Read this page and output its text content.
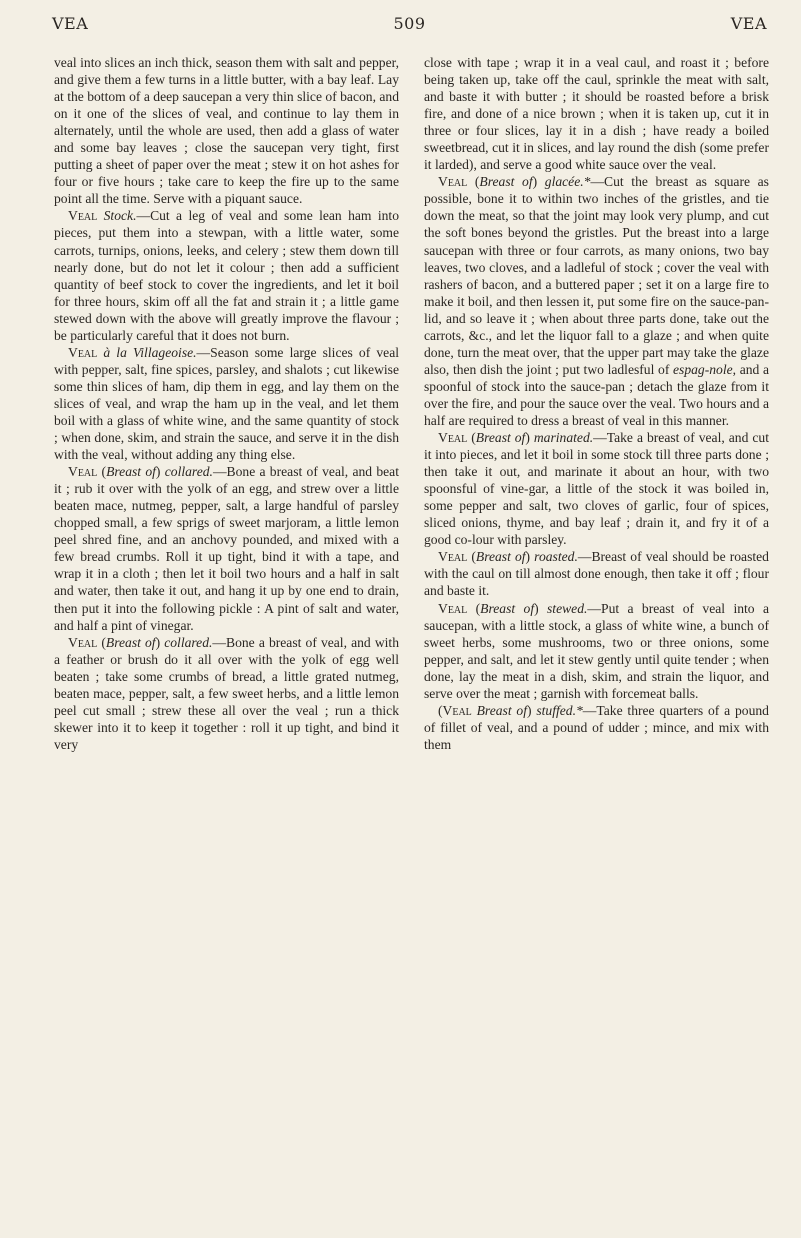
VEA	509	VEA

veal into slices an inch thick, season them with salt and pepper, and give them a few turns in a little butter, with a bay leaf. Lay at the bottom of a deep saucepan a very thin slice of bacon, and on it one of the slices of veal, and continue to lay them in alternately, until the whole are used, then add a glass of water and some bay leaves ; close the saucepan very tight, first putting a sheet of paper over the meat ; stew it on hot ashes for four or five hours ; take care to keep the fire up to the same point all the time. Serve with a piquant sauce.

Veal Stock.—Cut a leg of veal and some lean ham into pieces, put them into a stewpan, with a little water, some carrots, turnips, onions, leeks, and celery ; stew them down till nearly done, but do not let it colour ; then add a sufficient quantity of beef stock to cover the ingredients, and let it boil for three hours, skim off all the fat and strain it ; a little game stewed down with the above will greatly improve the flavour ; be particularly careful that it does not burn.

Veal à la Villageoise.—Season some large slices of veal with pepper, salt, fine spices, parsley, and shalots ; cut likewise some thin slices of ham, dip them in egg, and lay them on the slices of veal, and wrap the ham up in the veal, and let them boil with a glass of white wine, and the same quantity of stock ; when done, skim, and strain the sauce, and serve it in the dish with the veal, without adding any thing else.

Veal (Breast of) collared.—Bone a breast of veal, and beat it ; rub it over with the yolk of an egg, and strew over a little beaten mace, nutmeg, pepper, salt, a large handful of parsley chopped small, a few sprigs of sweet marjoram, a little lemon peel shred fine, and an anchovy pounded, and mixed with a few bread crumbs. Roll it up tight, bind it with a tape, and wrap it in a cloth ; then let it boil two hours and a half in salt and water, then take it out, and hang it up by one end to drain, then put it into the following pickle : A pint of salt and water, and half a pint of vinegar.

Veal (Breast of) collared.—Bone a breast of veal, and with a feather or brush do it all over with the yolk of egg well beaten ; take some crumbs of bread, a little grated nutmeg, beaten mace, pepper, salt, a few sweet herbs, and a little lemon peel cut small ; strew these all over the veal ; run a thick skewer into it to keep it together : roll it up tight, and bind it very

close with tape ; wrap it in a veal caul, and roast it ; before being taken up, take off the caul, sprinkle the meat with salt, and baste it with butter ; it should be roasted before a brisk fire, and done of a nice brown ; when it is taken up, cut it in three or four slices, lay it in a dish ; have ready a boiled sweetbread, cut it in slices, and lay round the dish (some prefer it larded), and serve a good white sauce over the veal.

Veal (Breast of) glacée.*—Cut the breast as square as possible, bone it to within two inches of the gristles, and tie down the meat, so that the joint may look very plump, and cut the soft bones beyond the gristles. Put the breast into a large saucepan with three or four carrots, as many onions, two bay leaves, two cloves, and a ladleful of stock ; cover the veal with rashers of bacon, and a buttered paper ; set it on a large fire to make it boil, and then lessen it, put some fire on the sauce-pan-lid, and so leave it ; when about three parts done, take out the carrots, &c., and let the liquor fall to a glaze ; and when quite done, turn the meat over, that the upper part may take the glaze also, then dish the joint ; put two ladlesful of espag-nole, and a spoonful of stock into the sauce-pan ; detach the glaze from it over the fire, and pour the sauce over the veal. Two hours and a half are required to dress a breast of veal in this manner.

Veal (Breast of) marinated.—Take a breast of veal, and cut it into pieces, and let it boil in some stock till three parts done ; then take it out, and marinate it about an hour, with two spoonsful of vine-gar, a little of the stock it was boiled in, some pepper and salt, two cloves of garlic, four of spices, sliced onions, thyme, and bay leaf ; drain it, and fry it of a good co-lour with parsley.

Veal (Breast of) roasted.—Breast of veal should be roasted with the caul on till almost done enough, then take it off ; flour and baste it.

Veal (Breast of) stewed.—Put a breast of veal into a saucepan, with a little stock, a glass of white wine, a bunch of sweet herbs, some mushrooms, two or three onions, some pepper, and salt, and let it stew gently until quite tender ; when done, lay the meat in a dish, skim, and strain the liquor, and serve over the meat ; garnish with forcemeat balls.

(Veal Breast of) stuffed.*—Take three quarters of a pound of fillet of veal, and a pound of udder ; mince, and mix with them
